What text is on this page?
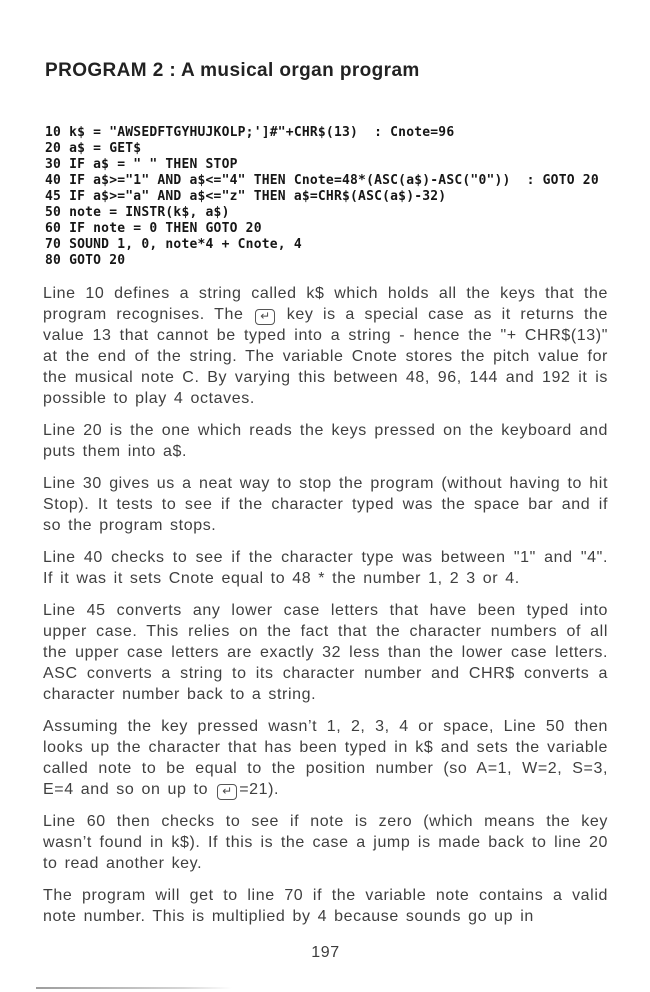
PROGRAM 2 : A musical organ program
10 k$ = "AWSEDFTGYHUJKOLP;']#"+CHR$(13)  : Cnote=96
20 a$ = GET$
30 IF a$ = " " THEN STOP
40 IF a$>="1" AND a$<="4" THEN Cnote=48*(ASC(a$)-ASC("0"))  : GOTO 20
45 IF a$>="a" AND a$<="z" THEN a$=CHR$(ASC(a$)-32)
50 note = INSTR(k$, a$)
60 IF note = 0 THEN GOTO 20
70 SOUND 1, 0, note*4 + Cnote, 4
80 GOTO 20

Line 10 defines a string called k$ which holds all the keys that the program recognises. The ↵ key is a special case as it returns the value 13 that cannot be typed into a string - hence the "+ CHR$(13)" at the end of the string. The variable Cnote stores the pitch value for the musical note C. By varying this between 48, 96, 144 and 192 it is possible to play 4 octaves.

Line 20 is the one which reads the keys pressed on the keyboard and puts them into a$.

Line 30 gives us a neat way to stop the program (without having to hit Stop). It tests to see if the character typed was the space bar and if so the program stops.

Line 40 checks to see if the character type was between "1" and "4". If it was it sets Cnote equal to 48 * the number 1, 2 3 or 4.

Line 45 converts any lower case letters that have been typed into upper case. This relies on the fact that the character numbers of all the upper case letters are exactly 32 less than the lower case letters. ASC converts a string to its character number and CHR$ converts a character number back to a string.

Assuming the key pressed wasn’t 1, 2, 3, 4 or space, Line 50 then looks up the character that has been typed in k$ and sets the variable called note to be equal to the position number (so A=1, W=2, S=3, E=4 and so on up to ↵ =21).

Line 60 then checks to see if note is zero (which means the key wasn’t found in k$). If this is the case a jump is made back to line 20 to read another key.

The program will get to line 70 if the variable note contains a valid note number. This is multiplied by 4 because sounds go up in

197
